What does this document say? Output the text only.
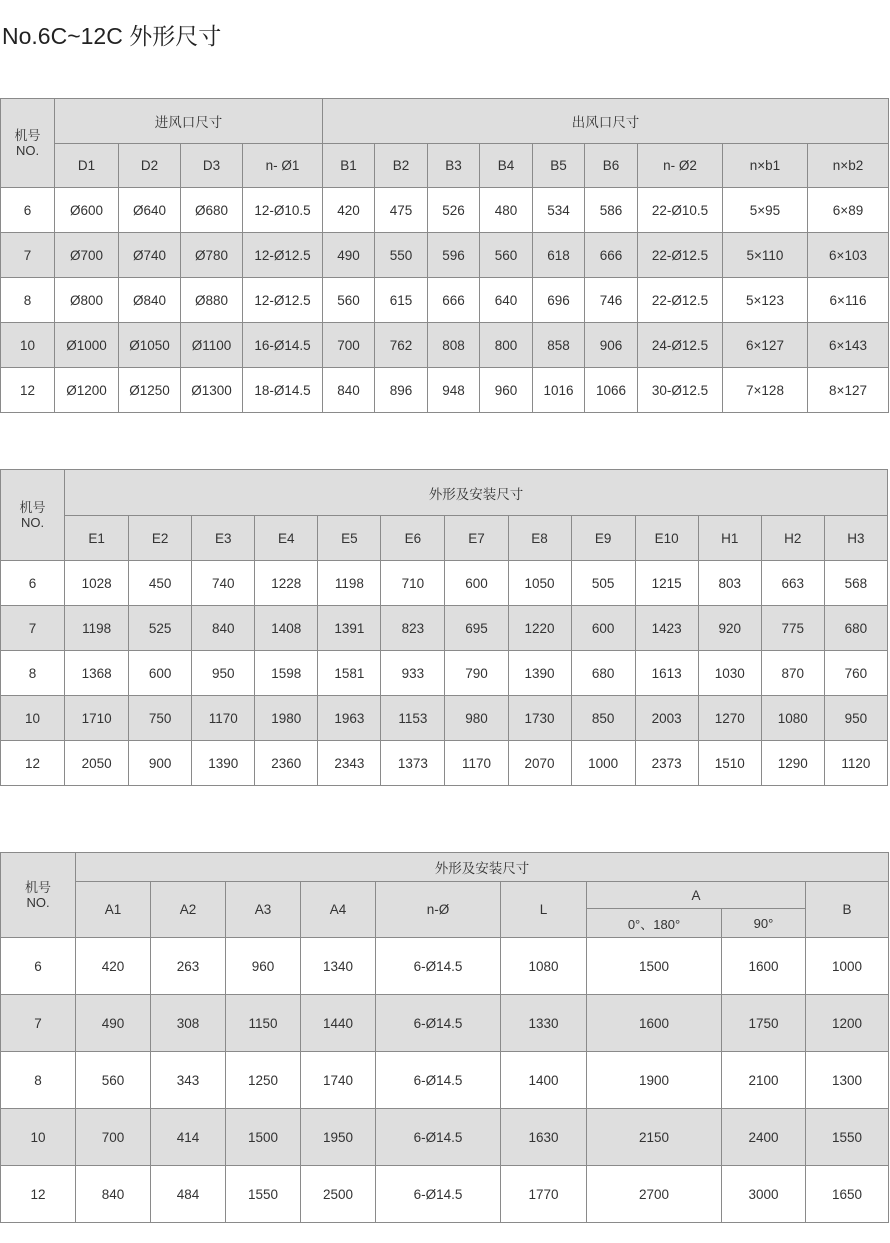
No.6C~12C 外形尺寸
机号
NO.	进风口尺寸				出风口尺寸								
	D1	D2	D3	n- Ø1	B1	B2	B3	B4	B5	B6	n- Ø2	n×b1	n×b2
6	Ø600	Ø640	Ø680	12-Ø10.5	420	475	526	480	534	586	22-Ø10.5	5×95	6×89
7	Ø700	Ø740	Ø780	12-Ø12.5	490	550	596	560	618	666	22-Ø12.5	5×110	6×103
8	Ø800	Ø840	Ø880	12-Ø12.5	560	615	666	640	696	746	22-Ø12.5	5×123	6×116
10	Ø1000	Ø1050	Ø1100	16-Ø14.5	700	762	808	800	858	906	24-Ø12.5	6×127	6×143
12	Ø1200	Ø1250	Ø1300	18-Ø14.5	840	896	948	960	1016	1066	30-Ø12.5	7×128	8×127
机号
NO.	外形及安装尺寸												
	E1	E2	E3	E4	E5	E6	E7	E8	E9	E10	H1	H2	H3
6	1028	450	740	1228	1198	710	600	1050	505	1215	803	663	568
7	1198	525	840	1408	1391	823	695	1220	600	1423	920	775	680
8	1368	600	950	1598	1581	933	790	1390	680	1613	1030	870	760
10	1710	750	1170	1980	1963	1153	980	1730	850	2003	1270	1080	950
12	2050	900	1390	2360	2343	1373	1170	2070	1000	2373	1510	1290	1120
机号
NO.	外形及安装尺寸								
	A1	A2	A3	A4	n-Ø	L	A		B
							0°、180°	90°	
6	420	263	960	1340	6-Ø14.5	1080	1500	1600	1000
7	490	308	1150	1440	6-Ø14.5	1330	1600	1750	1200
8	560	343	1250	1740	6-Ø14.5	1400	1900	2100	1300
10	700	414	1500	1950	6-Ø14.5	1630	2150	2400	1550
12	840	484	1550	2500	6-Ø14.5	1770	2700	3000	1650
